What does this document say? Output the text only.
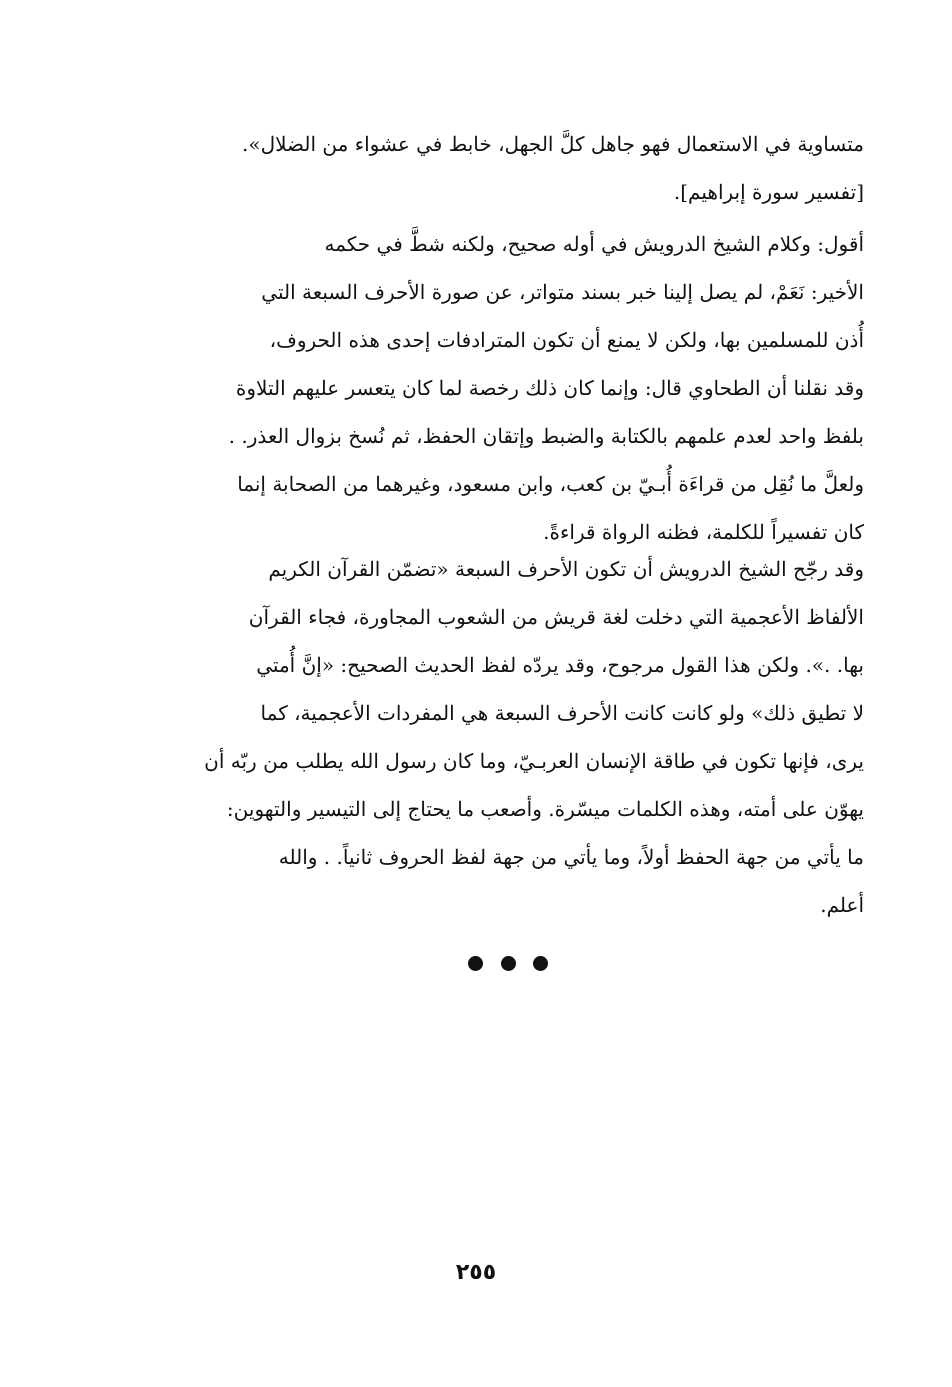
متساوية في الاستعمال فهو جاهل كلَّ الجهل، خابط في عشواء من الضلال».
[تفسير سورة إبراهيم].
أقول: وكلام الشيخ الدرويش في أوله صحيح، ولكنه شطَّ في حكمه
الأخير: نَعَمْ، لم يصل إلينا خبر بسند متواتر، عن صورة الأحرف السبعة التي
أُذن للمسلمين بها، ولكن لا يمنع أن تكون المترادفات إحدى هذه الحروف،
وقد نقلنا أن الطحاوي قال: وإنما كان ذلك رخصة لما كان يتعسر عليهم التلاوة
بلفظ واحد لعدم علمهم بالكتابة والضبط وإتقان الحفظ، ثم نُسخ بزوال العذر. .
ولعلَّ ما نُقِل من قراءَة أُبـيّ بن كعب، وابن مسعود، وغيرهما من الصحابة إنما
كان تفسيراً للكلمة، فظنه الرواة قراءةً.
وقد رجّح الشيخ الدرويش أن تكون الأحرف السبعة «تضمّن القرآن الكريم
الألفاظ الأعجمية التي دخلت لغة قريش من الشعوب المجاورة، فجاء القرآن
بها. .». ولكن هذا القول مرجوح، وقد يردّه لفظ الحديث الصحيح: «إنَّ أُمتي
لا تطيق ذلك» ولو كانت كانت الأحرف السبعة هي المفردات الأعجمية، كما
يرى، فإنها تكون في طاقة الإنسان العربـيّ، وما كان رسول الله يطلب من ربّه أن
يهوّن على أمته، وهذه الكلمات ميسّرة. وأصعب ما يحتاج إلى التيسير والتهوين:
ما يأتي من جهة الحفظ أولاً، وما يأتي من جهة لفظ الحروف ثانياً. . والله
أعلم.
٢٥٥
